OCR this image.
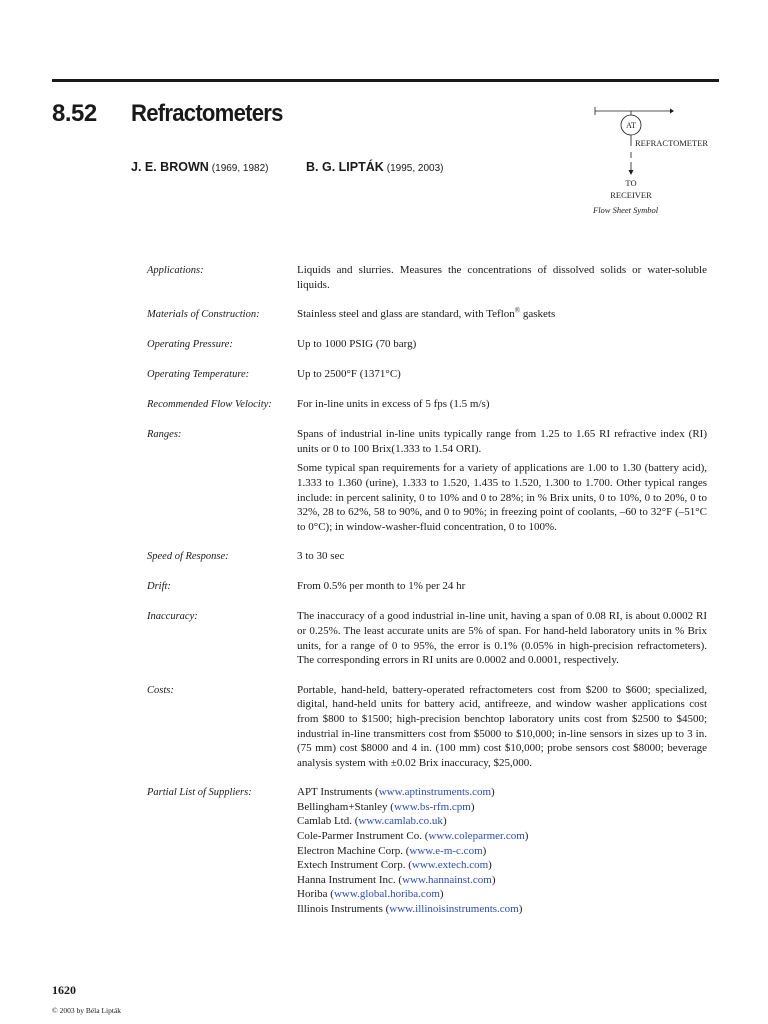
8.52 Refractometers
J. E. BROWN (1969, 1982)	B. G. LIPTÁK (1995, 2003)
AT
REFRACTOMETER
TO
RECEIVER
Flow Sheet Symbol
Applications:	Liquids and slurries. Measures the concentrations of dissolved solids or water-soluble liquids.
Materials of Construction:	Stainless steel and glass are standard, with Teflon® gaskets
Operating Pressure:	Up to 1000 PSIG (70 barg)
Operating Temperature:	Up to 2500°F (1371°C)
Recommended Flow Velocity:	For in-line units in excess of 5 fps (1.5 m/s)
Ranges:	Spans of industrial in-line units typically range from 1.25 to 1.65 RI refractive index (RI) units or 0 to 100 Brix(1.333 to 1.54 ORI).

Some typical span requirements for a variety of applications are 1.00 to 1.30 (battery acid), 1.333 to 1.360 (urine), 1.333 to 1.520, 1.435 to 1.520, 1.300 to 1.700. Other typical ranges include: in percent salinity, 0 to 10% and 0 to 28%; in % Brix units, 0 to 10%, 0 to 20%, 0 to 32%, 28 to 62%, 58 to 90%, and 0 to 90%; in freezing point of coolants, –60 to 32°F (–51°C to 0°C); in window-washer-fluid concentration, 0 to 100%.

Speed of Response:	3 to 30 sec
Drift:	From 0.5% per month to 1% per 24 hr
Inaccuracy:	The inaccuracy of a good industrial in-line unit, having a span of 0.08 RI, is about 0.0002 RI or 0.25%. The least accurate units are 5% of span. For hand-held laboratory units in % Brix units, for a range of 0 to 95%, the error is 0.1% (0.05% in high-precision refractometers). The corresponding errors in RI units are 0.0002 and 0.0001, respectively.
Costs:	Portable, hand-held, battery-operated refractometers cost from $200 to $600; specialized, digital, hand-held units for battery acid, antifreeze, and window washer applications cost from $800 to $1500; high-precision benchtop laboratory units cost from $2500 to $4500; industrial in-line transmitters cost from $5000 to $10,000; in-line sensors in sizes up to 3 in. (75 mm) cost $8000 and 4 in. (100 mm) cost $10,000; probe sensors cost $8000; beverage analysis system with ±0.02 Brix inaccuracy, $25,000.
Partial List of Suppliers:	APT Instruments (www.aptinstruments.com)
Bellingham+Stanley (www.bs-rfm.cpm)
Camlab Ltd. (www.camlab.co.uk)
Cole-Parmer Instrument Co. (www.coleparmer.com)
Electron Machine Corp. (www.e-m-c.com)
Extech Instrument Corp. (www.extech.com)
Hanna Instrument Inc. (www.hannainst.com)
Horiba (www.global.horiba.com)
Illinois Instruments (www.illinoisinstruments.com)
1620
© 2003 by Béla Lipták
